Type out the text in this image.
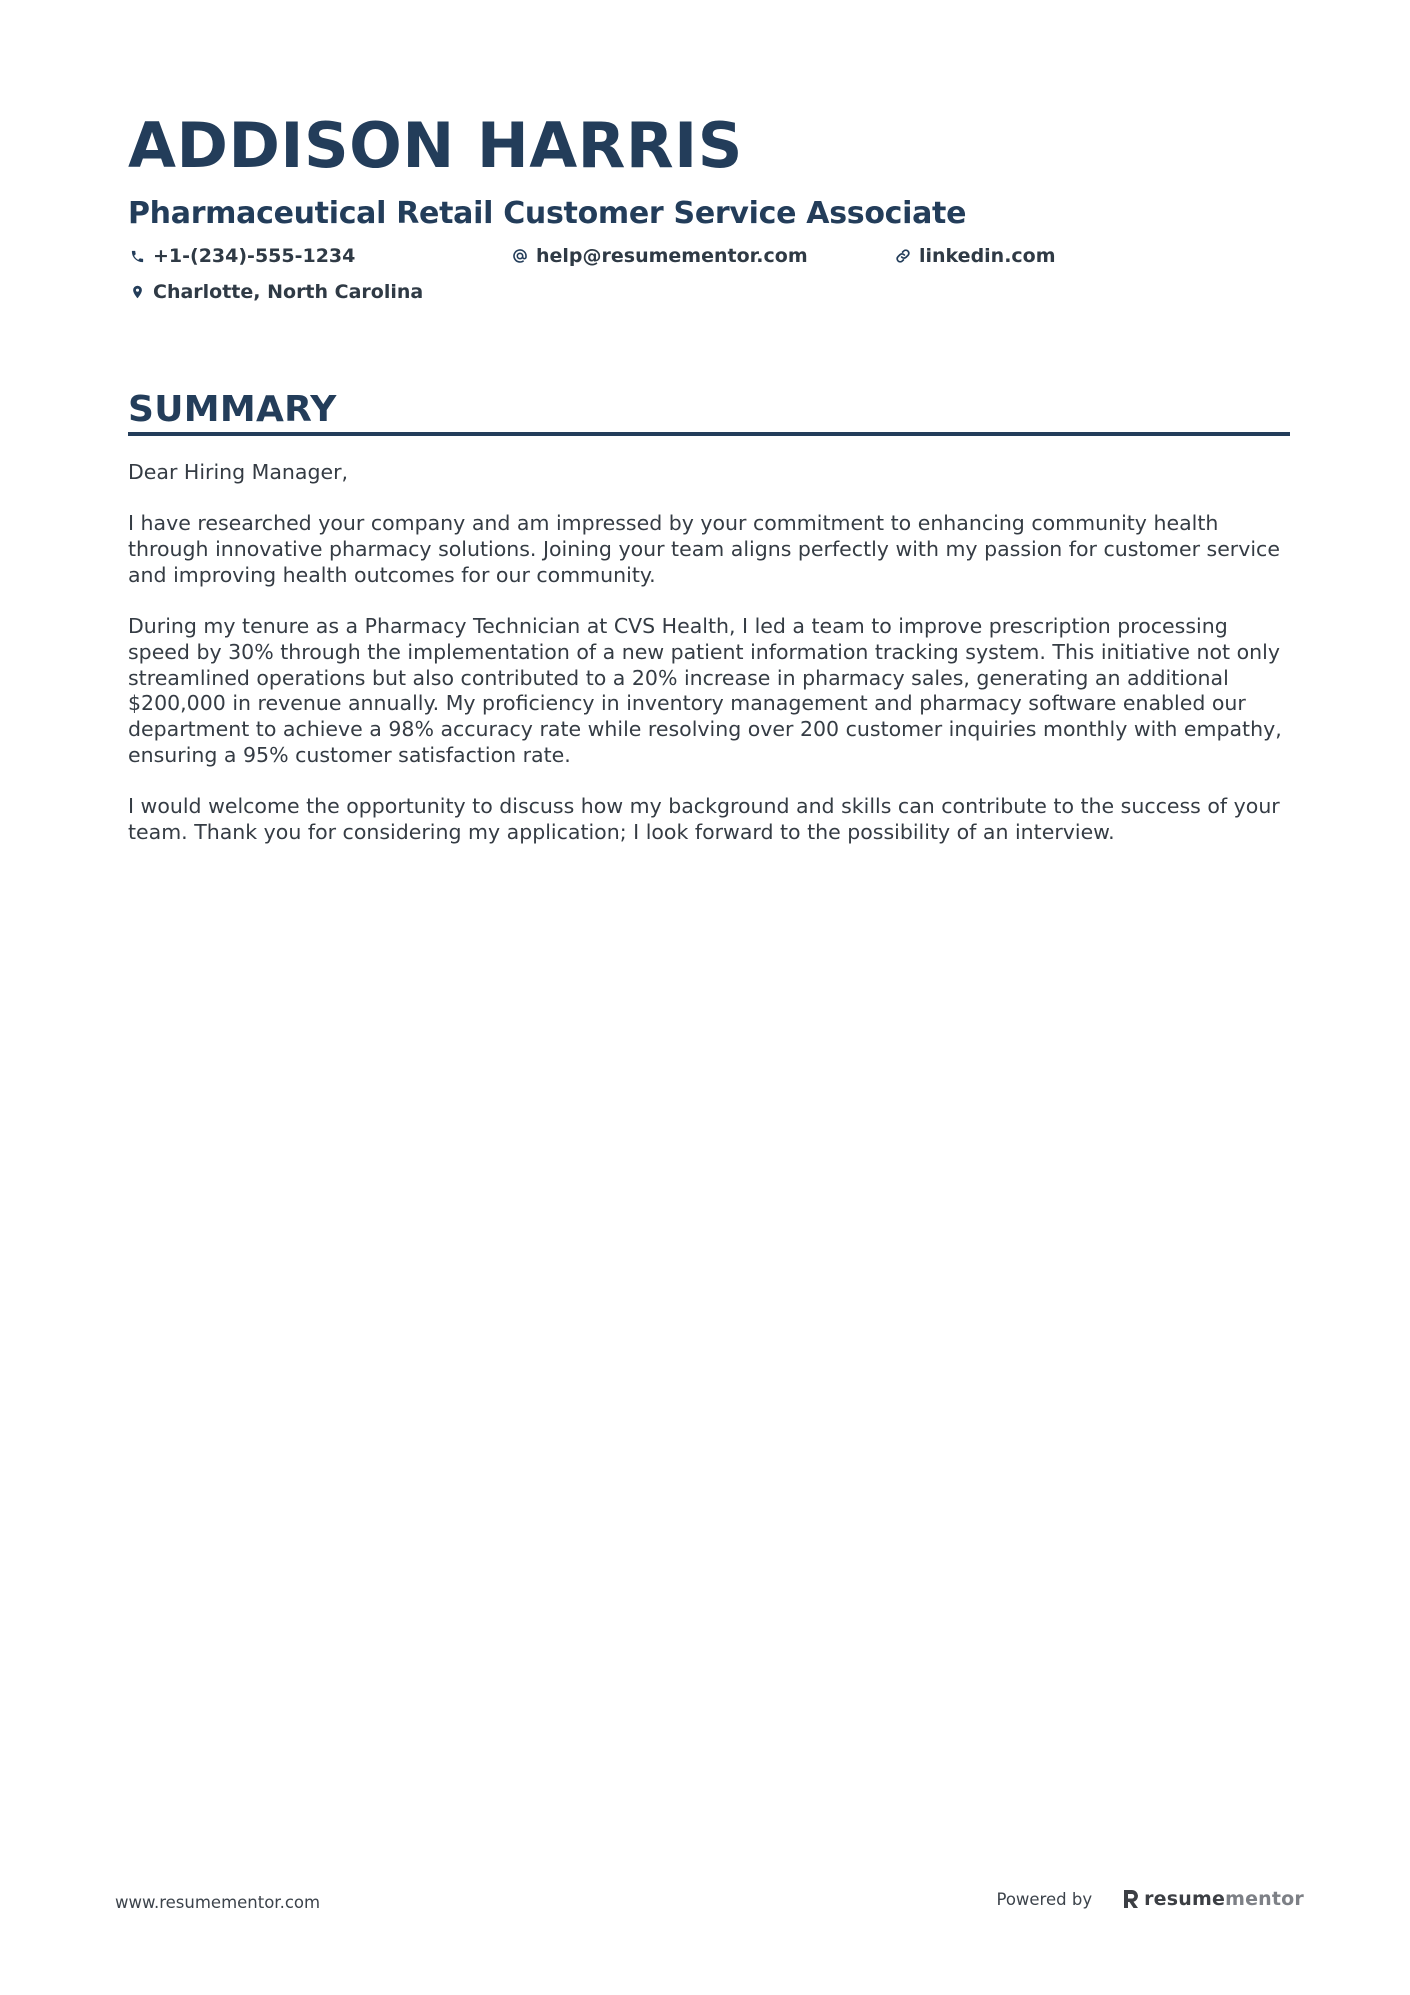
ADDISON HARRIS
Pharmaceutical Retail Customer Service Associate
+1-(234)-555-1234	help@resumementor.com	linkedin.com
Charlotte, North Carolina
SUMMARY

Dear Hiring Manager,

I have researched your company and am impressed by your commitment to enhancing community health through innovative pharmacy solutions. Joining your team aligns perfectly with my passion for customer service and improving health outcomes for our community.

During my tenure as a Pharmacy Technician at CVS Health, I led a team to improve prescription processing speed by 30% through the implementation of a new patient information tracking system. This initiative not only streamlined operations but also contributed to a 20% increase in pharmacy sales, generating an additional $200,000 in revenue annually. My proficiency in inventory management and pharmacy software enabled our department to achieve a 98% accuracy rate while resolving over 200 customer inquiries monthly with empathy, ensuring a 95% customer satisfaction rate.

I would welcome the opportunity to discuss how my background and skills can contribute to the success of your team. Thank you for considering my application; I look forward to the possibility of an interview.

www.resumementor.com	Powered by	resumementor
